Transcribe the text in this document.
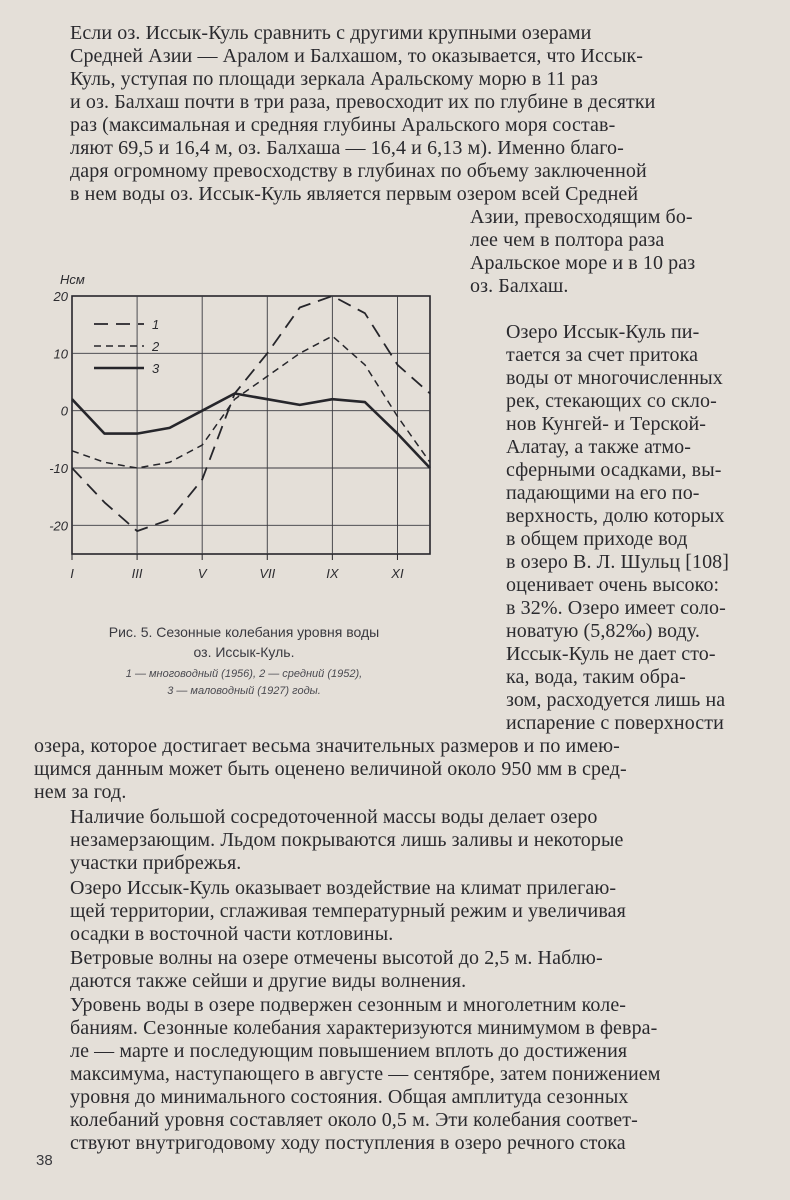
Если оз. Иссык-Куль сравнить с другими крупными озерами
Средней Азии — Аралом и Балхашом, то оказывается, что Иссык-
Куль, уступая по площади зеркала Аральскому морю в 11 раз
и оз. Балхаш почти в три раза, превосходит их по глубине в десятки
раз (максимальная и средняя глубины Аральского моря состав-
ляют 69,5 и 16,4 м, оз. Балхаша — 16,4 и 6,13 м). Именно благо-
даря огромному превосходству в глубинах по объему заключенной
в нем воды оз. Иссык-Куль является первым озером всей Средней

Азии, превосходящим бо-
лее чем в полтора раза
Аральское море и в 10 раз
оз. Балхаш.

20
10
0
-10
-20
I	III	V	VII	IX	XI
Hсм
1
2
3
Рис. 5. Сезонные колебания уровня воды
оз. Иссык-Куль.
1 — многоводный (1956), 2 — средний (1952),
3 — маловодный (1927) годы.

Озеро Иссык-Куль пи-
тается за счет притока
воды от многочисленных
рек, стекающих со скло-
нов Кунгей- и Терской-
Алатау, а также атмо-
сферными осадками, вы-
падающими на его по-
верхность, долю которых
в общем приходе вод
в озеро В. Л. Шульц [108]
оценивает очень высоко:
в 32%. Озеро имеет соло-
новатую (5,82‰) воду.
Иссык-Куль не дает сто-
ка, вода, таким обра-
зом, расходуется лишь на
испарение с поверхности

озера, которое достигает весьма значительных размеров и по имею-
щимся данным может быть оценено величиной около 950 мм в сред-
нем за год.

Наличие большой сосредоточенной массы воды делает озеро
незамерзающим. Льдом покрываются лишь заливы и некоторые
участки прибрежья.

Озеро Иссык-Куль оказывает воздействие на климат прилегаю-
щей территории, сглаживая температурный режим и увеличивая
осадки в восточной части котловины.

Ветровые волны на озере отмечены высотой до 2,5 м. Наблю-
даются также сейши и другие виды волнения.

Уровень воды в озере подвержен сезонным и многолетним коле-
баниям. Сезонные колебания характеризуются минимумом в февра-
ле — марте и последующим повышением вплоть до достижения
максимума, наступающего в августе — сентябре, затем понижением
уровня до минимального состояния. Общая амплитуда сезонных
колебаний уровня составляет около 0,5 м. Эти колебания соответ-
ствуют внутригодовому ходу поступления в озеро речного стока

38
